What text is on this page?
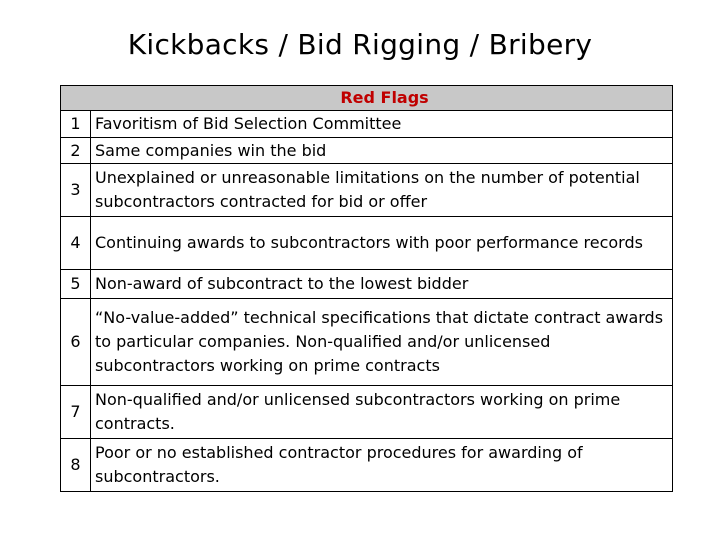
Kickbacks / Bid Rigging / Bribery
Red Flags	
1	Favoritism of Bid Selection Committee
2	Same companies win the bid
3	Unexplained or unreasonable limitations on the number of potential subcontractors contracted for bid or offer
4	Continuing awards to subcontractors with poor performance records
5	Non-award of subcontract to the lowest bidder
6	“No-value-added” technical specifications that dictate contract awards to particular companies. Non-qualified and/or unlicensed subcontractors working on prime contracts
7	Non-qualified and/or unlicensed subcontractors working on prime contracts.
8	Poor or no established contractor procedures for awarding of subcontractors.
